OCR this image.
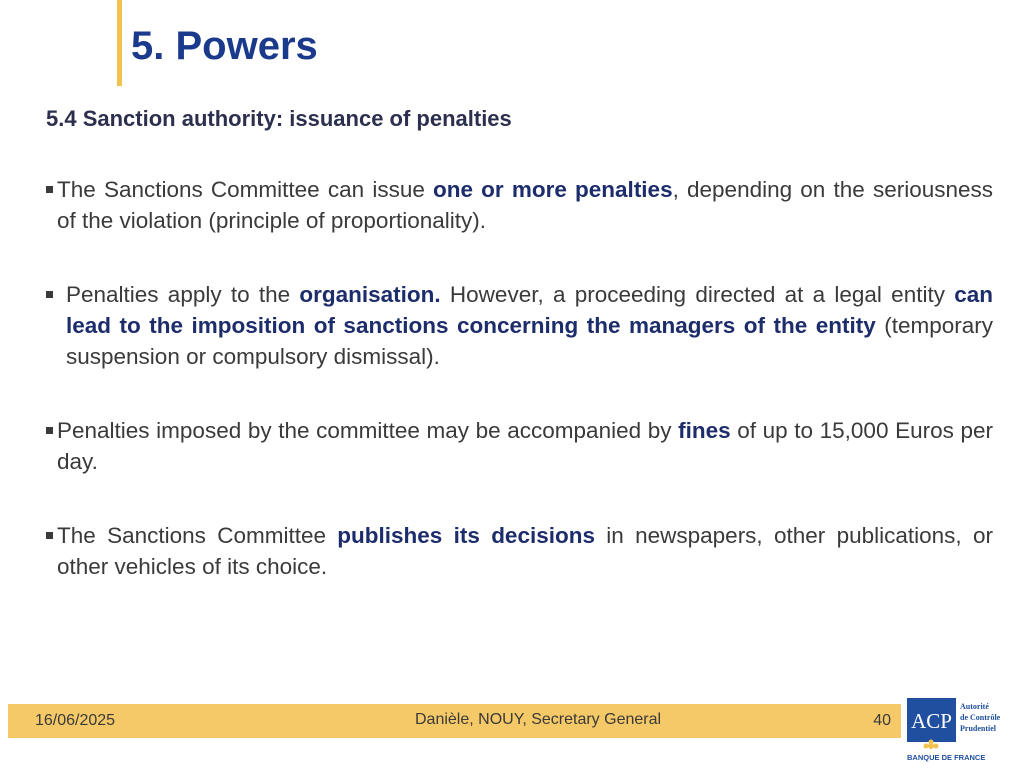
5. Powers
5.4 Sanction authority: issuance of penalties
The Sanctions Committee can issue one or more penalties, depending on the seriousness of the violation (principle of proportionality).
Penalties apply to the organisation. However, a proceeding directed at a legal entity can lead to the imposition of sanctions concerning the managers of the entity (temporary suspension or compulsory dismissal).
Penalties imposed by the committee may be accompanied by fines of up to 15,000 Euros per day.
The Sanctions Committee publishes its decisions in newspapers, other publications, or other vehicles of its choice.
16/06/2025	Danièle, NOUY, Secretary General	40 ACP
Autorité
de Contrôle
Prudentiel
BANQUE DE FRANCE
